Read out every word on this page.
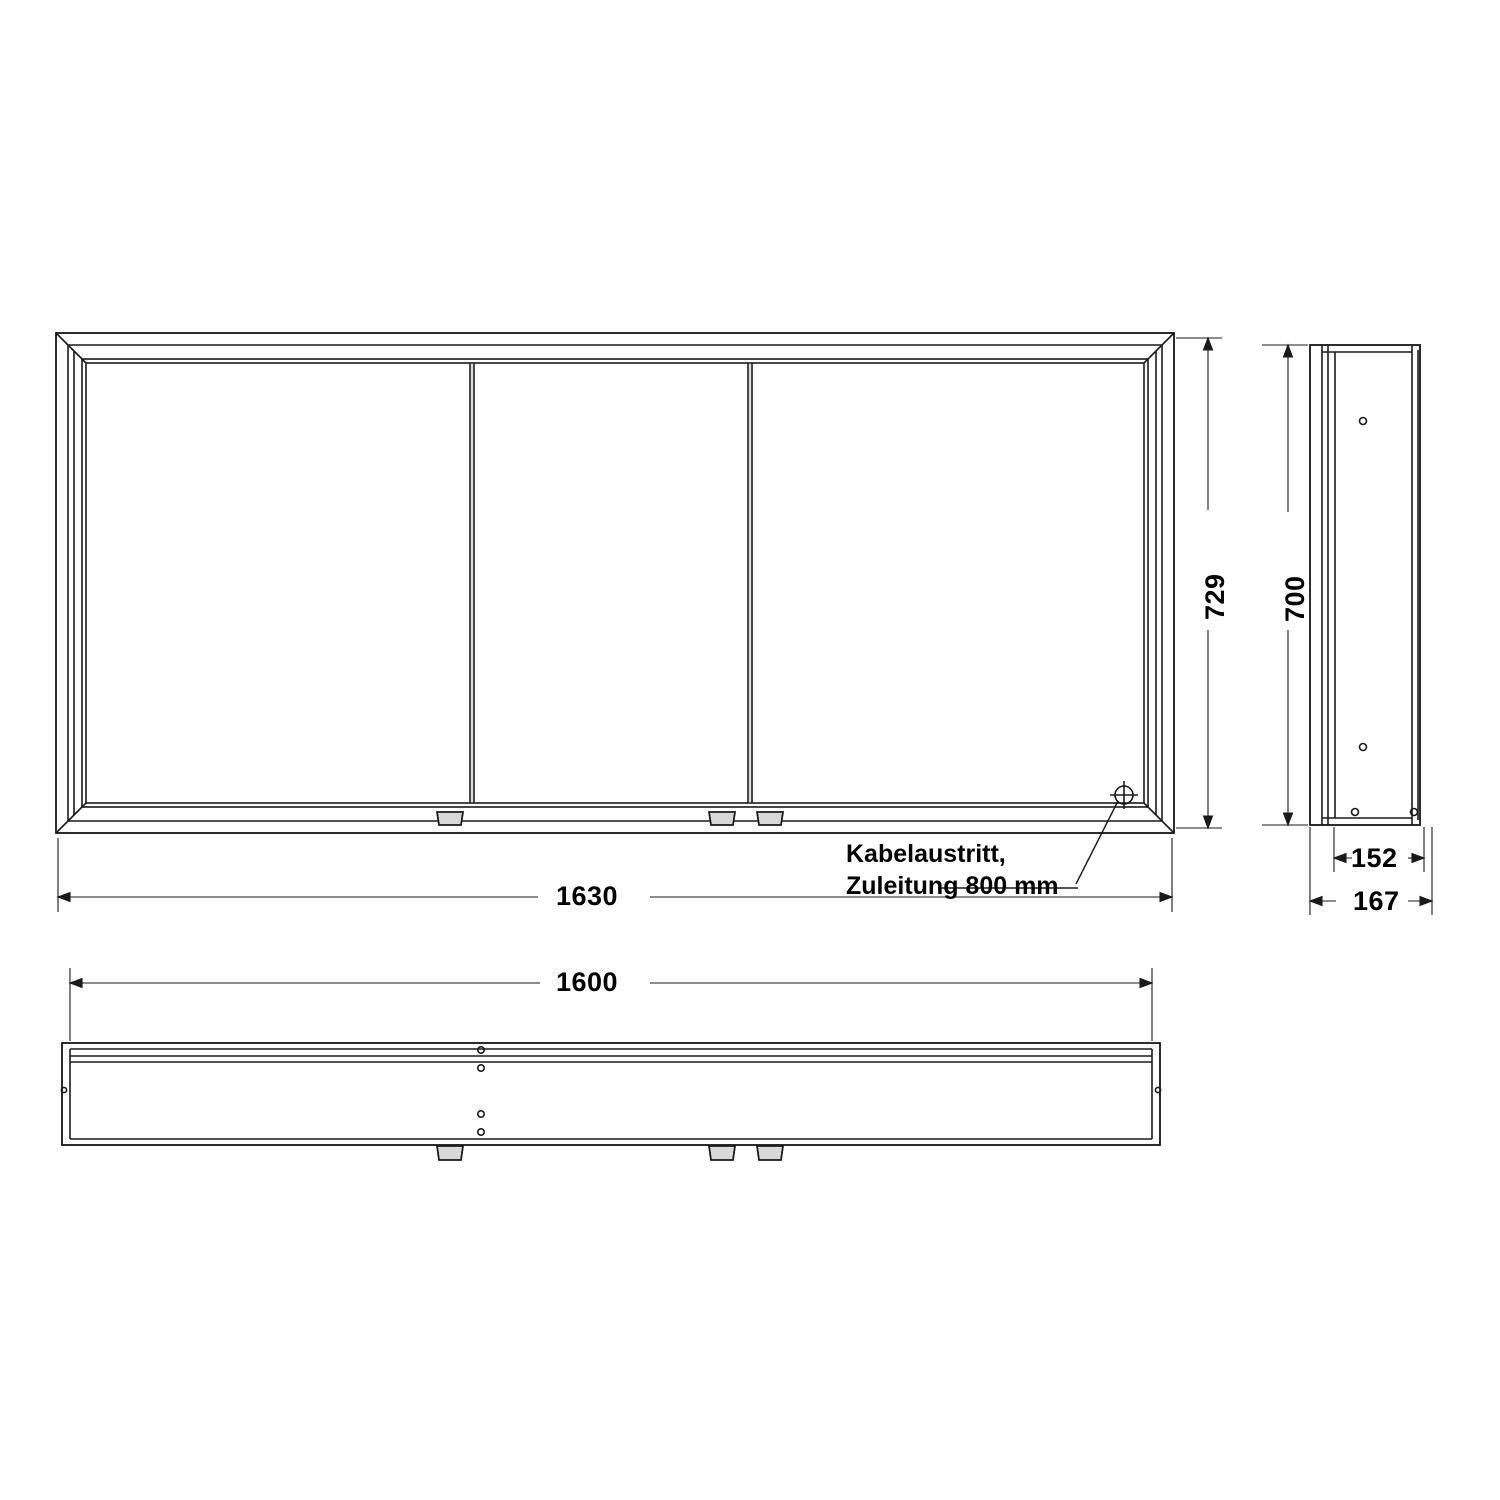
729
1630
700
152
167
1600
Kabelaustritt,
Zuleitung 800 mm
